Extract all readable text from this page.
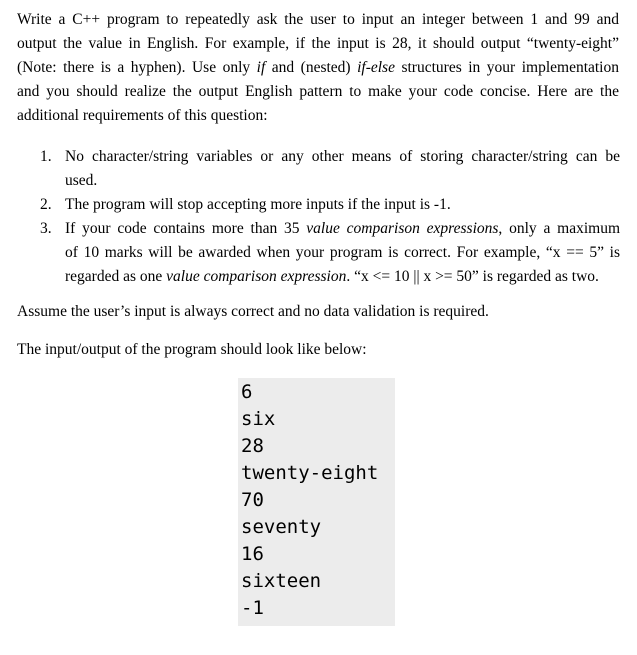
Write a C++ program to repeatedly ask the user to input an integer between 1 and 99 and
output the value in English. For example, if the input is 28, it should output “twenty-eight”
(Note: there is a hyphen). Use only if and (nested) if-else structures in your implementation
and you should realize the output English pattern to make your code concise. Here are the
additional requirements of this question:
1. No character/string variables or any other means of storing character/string can be
used.
2. The program will stop accepting more inputs if the input is -1.
3. If your code contains more than 35 value comparison expressions, only a maximum
of 10 marks will be awarded when your program is correct. For example, “x == 5” is
regarded as one value comparison expression. “x <= 10 || x >= 50” is regarded as two.

Assume the user’s input is always correct and no data validation is required.

The input/output of the program should look like below:

6
six
28
twenty-eight
70
seventy
16
sixteen
-1
